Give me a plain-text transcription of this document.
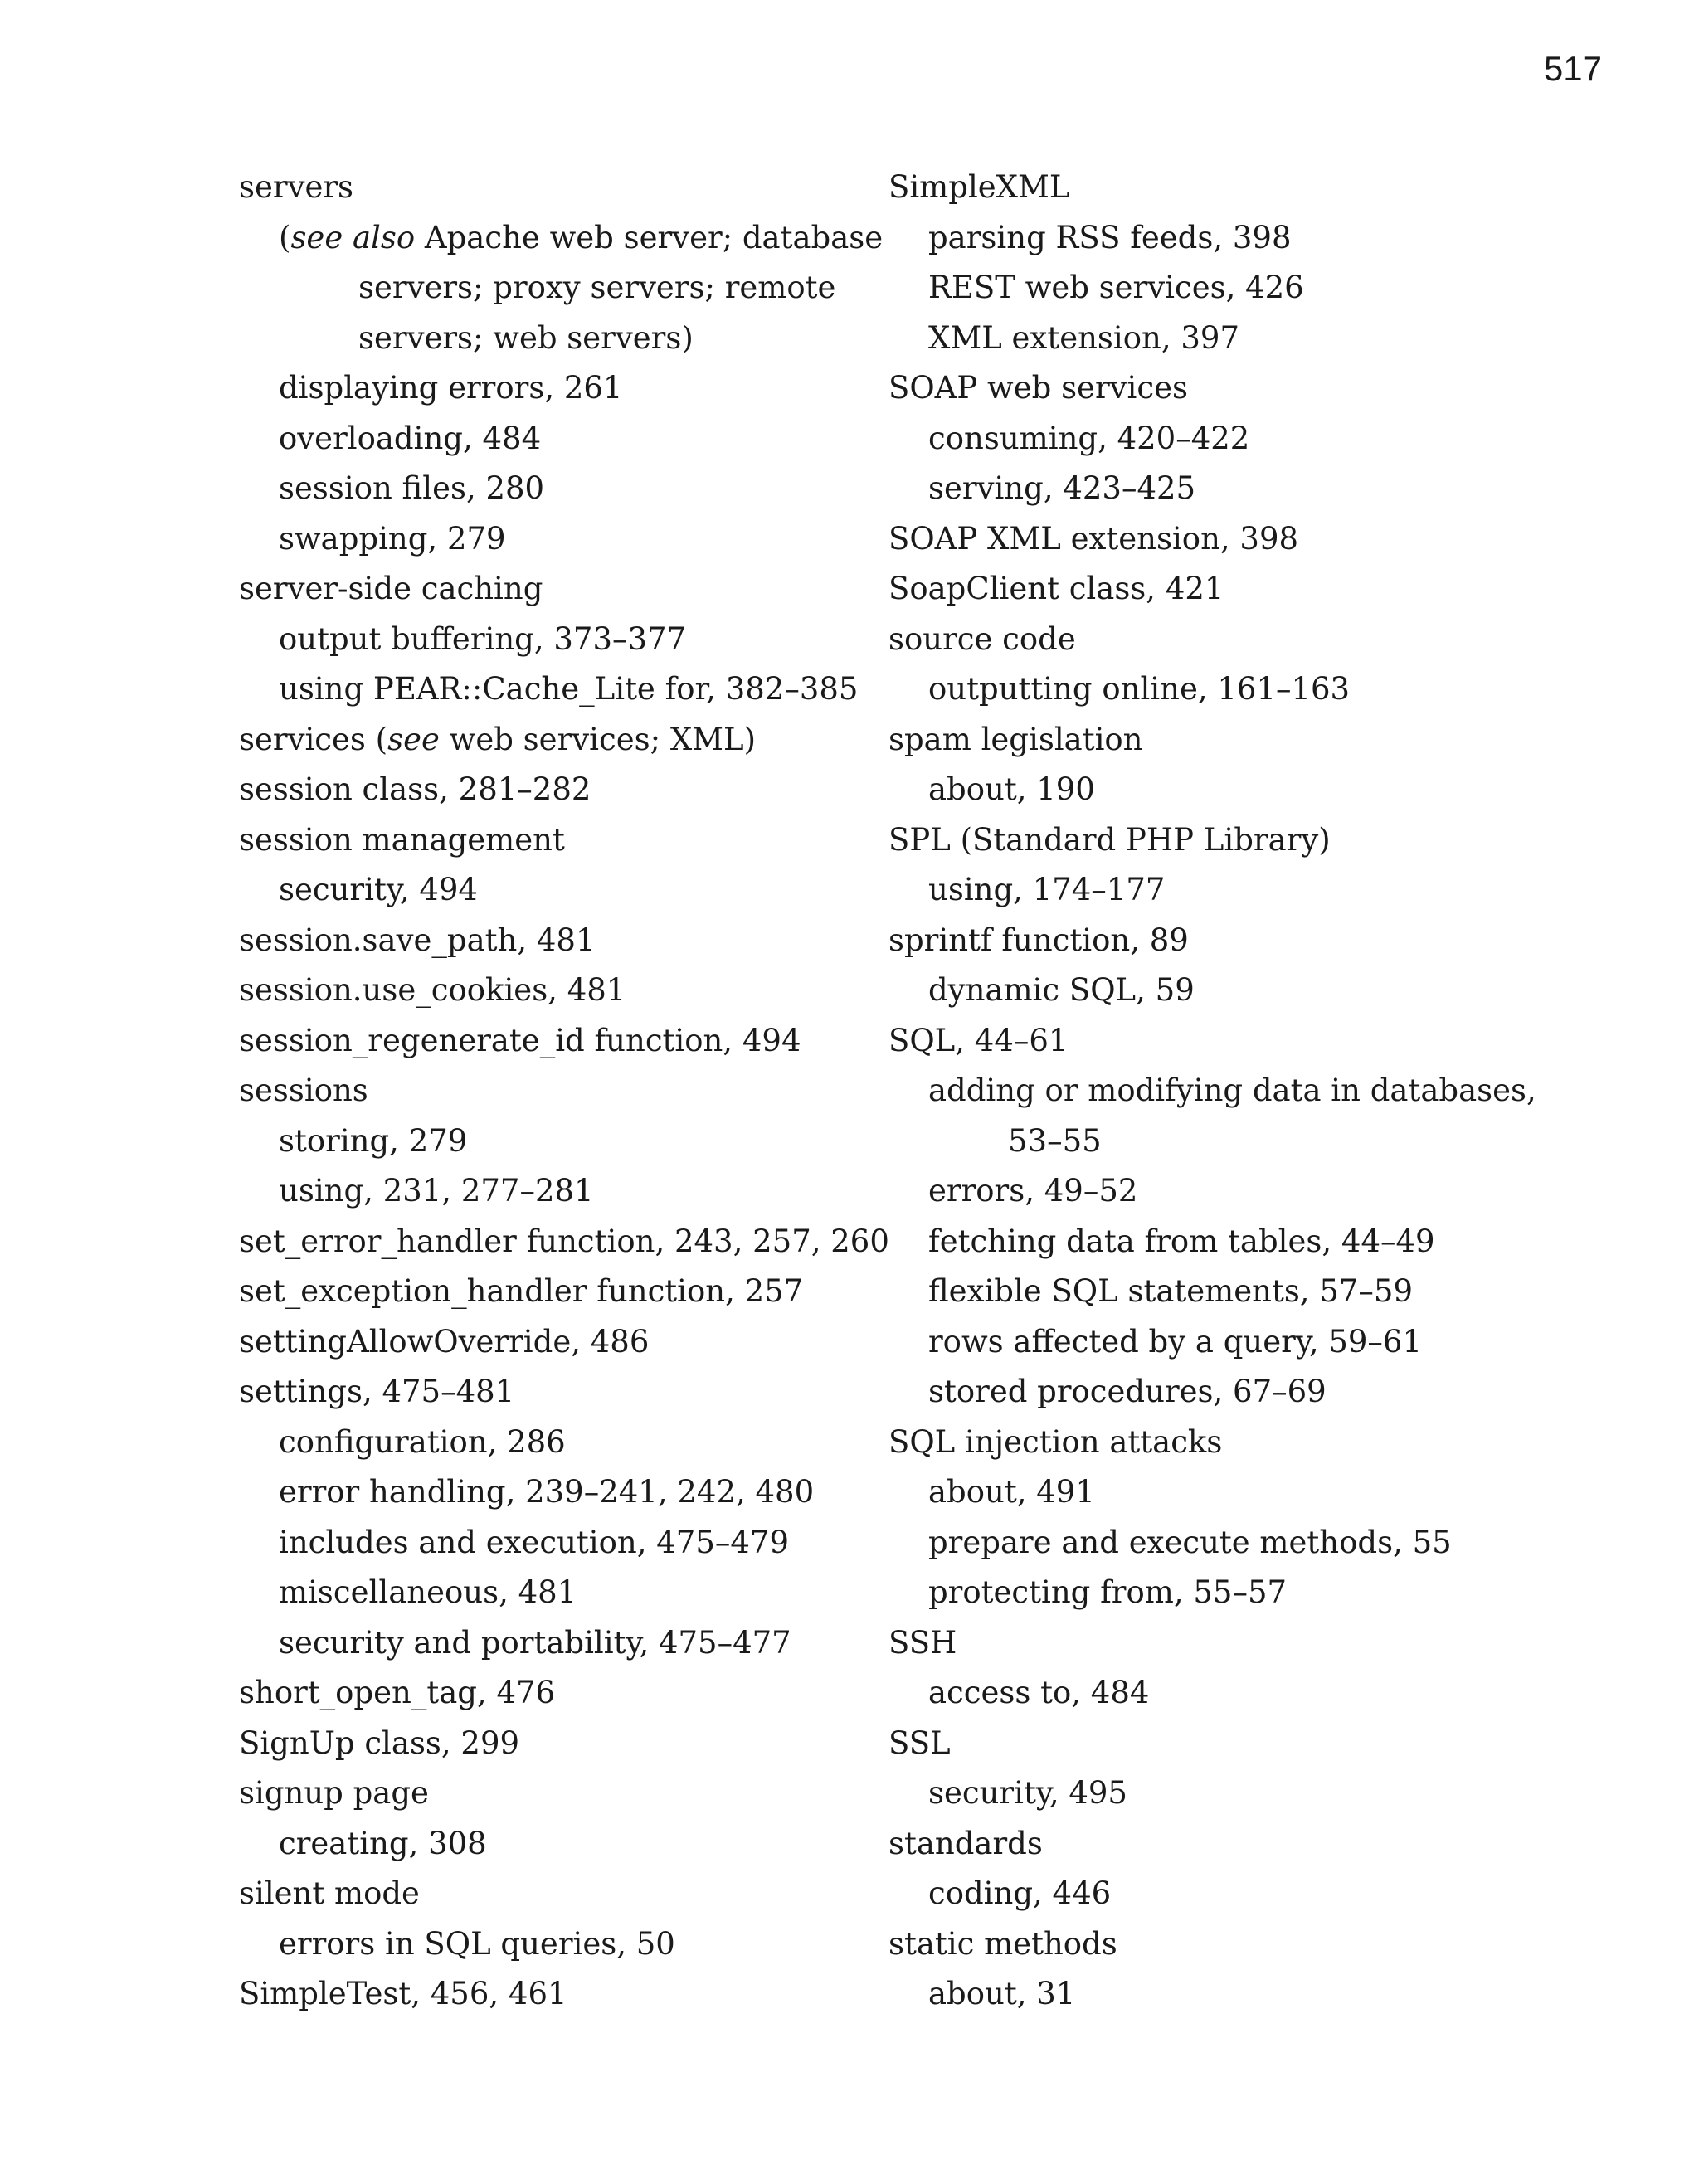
517
servers
(see also Apache web server; database
servers; proxy servers; remote
servers; web servers)
displaying errors, 261
overloading, 484
session files, 280
swapping, 279
server-side caching
output buffering, 373–377
using PEAR::Cache_Lite for, 382–385
services (see web services; XML)
session class, 281–282
session management
security, 494
session.save_path, 481
session.use_cookies, 481
session_regenerate_id function, 494
sessions
storing, 279
using, 231, 277–281
set_error_handler function, 243, 257, 260
set_exception_handler function, 257
settingAllowOverride, 486
settings, 475–481
configuration, 286
error handling, 239–241, 242, 480
includes and execution, 475–479
miscellaneous, 481
security and portability, 475–477
short_open_tag, 476
SignUp class, 299
signup page
creating, 308
silent mode
errors in SQL queries, 50
SimpleTest, 456, 461
SimpleXML
parsing RSS feeds, 398
REST web services, 426
XML extension, 397
SOAP web services
consuming, 420–422
serving, 423–425
SOAP XML extension, 398
SoapClient class, 421
source code
outputting online, 161–163
spam legislation
about, 190
SPL (Standard PHP Library)
using, 174–177
sprintf function, 89
dynamic SQL, 59
SQL, 44–61
adding or modifying data in databases,
53–55
errors, 49–52
fetching data from tables, 44–49
flexible SQL statements, 57–59
rows affected by a query, 59–61
stored procedures, 67–69
SQL injection attacks
about, 491
prepare and execute methods, 55
protecting from, 55–57
SSH
access to, 484
SSL
security, 495
standards
coding, 446
static methods
about, 31
